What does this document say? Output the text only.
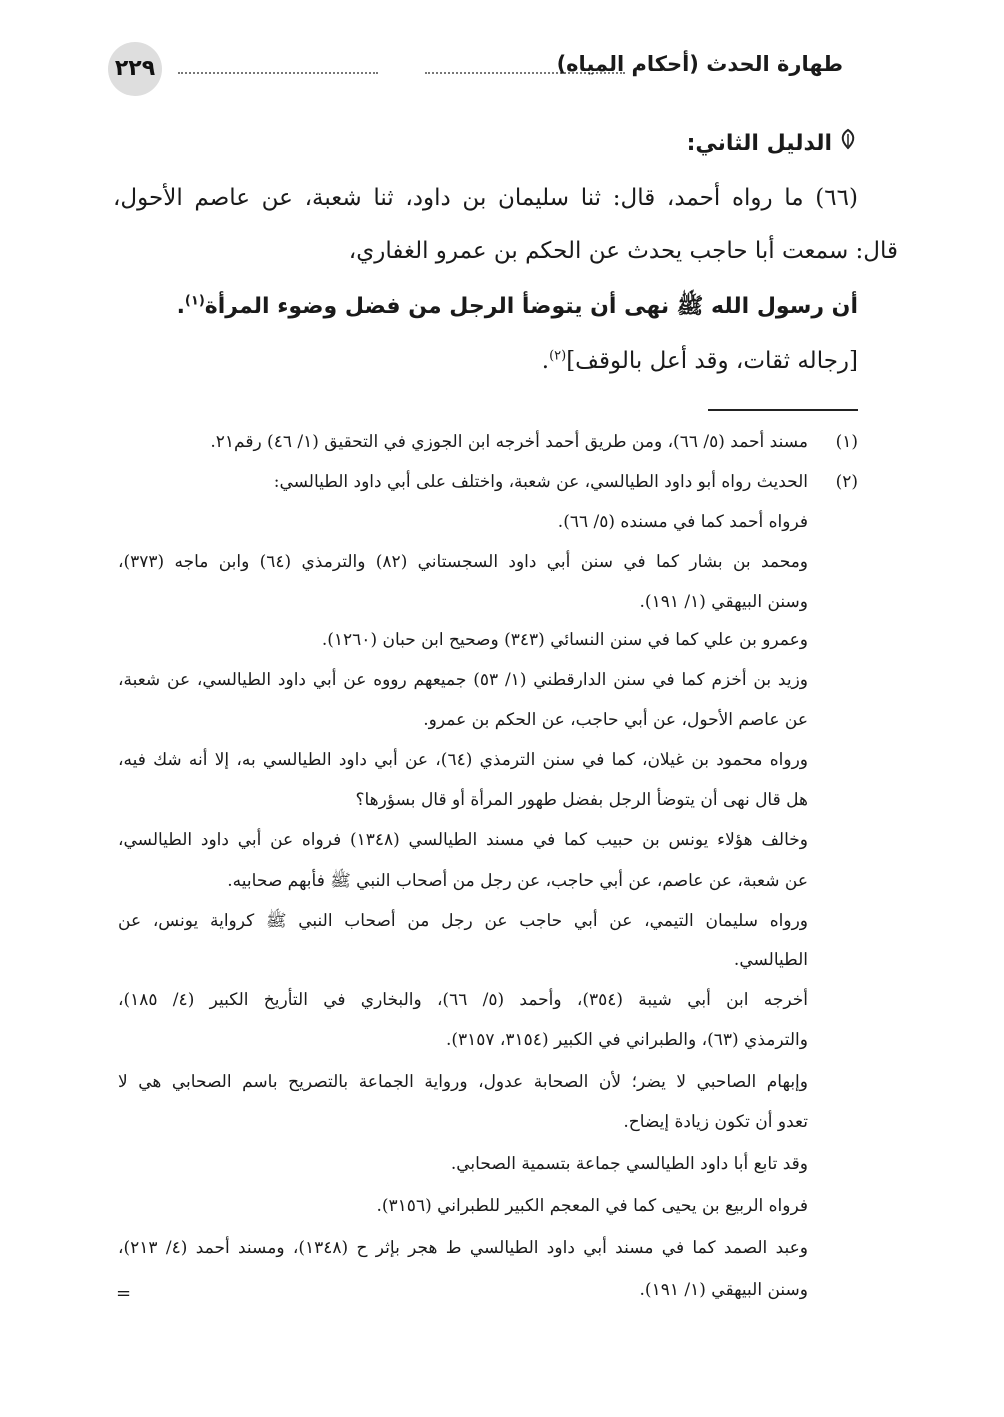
٢٢٩	طهارة الحدث (أحكام المياه)
الدليل الثاني:
(٦٦) ما رواه أحمد، قال: ثنا سليمان بن داود، ثنا شعبة، عن عاصم الأحول،
قال: سمعت أبا حاجب يحدث عن الحكم بن عمرو الغفاري،
أن رسول الله ﷺ نهى أن يتوضأ الرجل من فضل وضوء المرأة$^{(١)}$.
[رجاله ثقات، وقد أعل بالوقف]$^{(٢)}$.
(١)
مسند أحمد (٥/ ٦٦)، ومن طريق أحمد أخرجه ابن الجوزي في التحقيق (١/ ٤٦) رقم٢١.
(٢)
الحديث رواه أبو داود الطيالسي، عن شعبة، واختلف على أبي داود الطيالسي:
فرواه أحمد كما في مسنده (٥/ ٦٦).
ومحمد بن بشار كما في سنن أبي داود السجستاني (٨٢) والترمذي (٦٤) وابن ماجه (٣٧٣)،
وسنن البيهقي (١/ ١٩١).
وعمرو بن علي كما في سنن النسائي (٣٤٣) وصحيح ابن حبان (١٢٦٠).
وزيد بن أخزم كما في سنن الدارقطني (١/ ٥٣) جميعهم رووه عن أبي داود الطيالسي، عن شعبة،
عن عاصم الأحول، عن أبي حاجب، عن الحكم بن عمرو.
ورواه محمود بن غيلان، كما في سنن الترمذي (٦٤)، عن أبي داود الطيالسي به، إلا أنه شك فيه،
هل قال نهى أن يتوضأ الرجل بفضل طهور المرأة أو قال بسؤرها؟
وخالف هؤلاء يونس بن حبيب كما في مسند الطيالسي (١٣٤٨) فرواه عن أبي داود الطيالسي،
عن شعبة، عن عاصم، عن أبي حاجب، عن رجل من أصحاب النبي ﷺ فأبهم صحابيه.
ورواه سليمان التيمي، عن أبي حاجب عن رجل من أصحاب النبي ﷺ كرواية يونس، عن
الطيالسي.
أخرجه ابن أبي شيبة (٣٥٤)، وأحمد (٥/ ٦٦)، والبخاري في التأريخ الكبير (٤/ ١٨٥)،
والترمذي (٦٣)، والطبراني في الكبير (٣١٥٤، ٣١٥٧).
وإبهام الصاحبي لا يضر؛ لأن الصحابة عدول، ورواية الجماعة بالتصريح باسم الصحابي هي لا
تعدو أن تكون زيادة إيضاح.
وقد تابع أبا داود الطيالسي جماعة بتسمية الصحابي.
فرواه الربيع بن يحيى كما في المعجم الكبير للطبراني (٣١٥٦).
وعبد الصمد كما في مسند أبي داود الطيالسي ط هجر بإثر ح (١٣٤٨)، ومسند أحمد (٤/ ٢١٣)،
وسنن البيهقي (١/ ١٩١).
=
